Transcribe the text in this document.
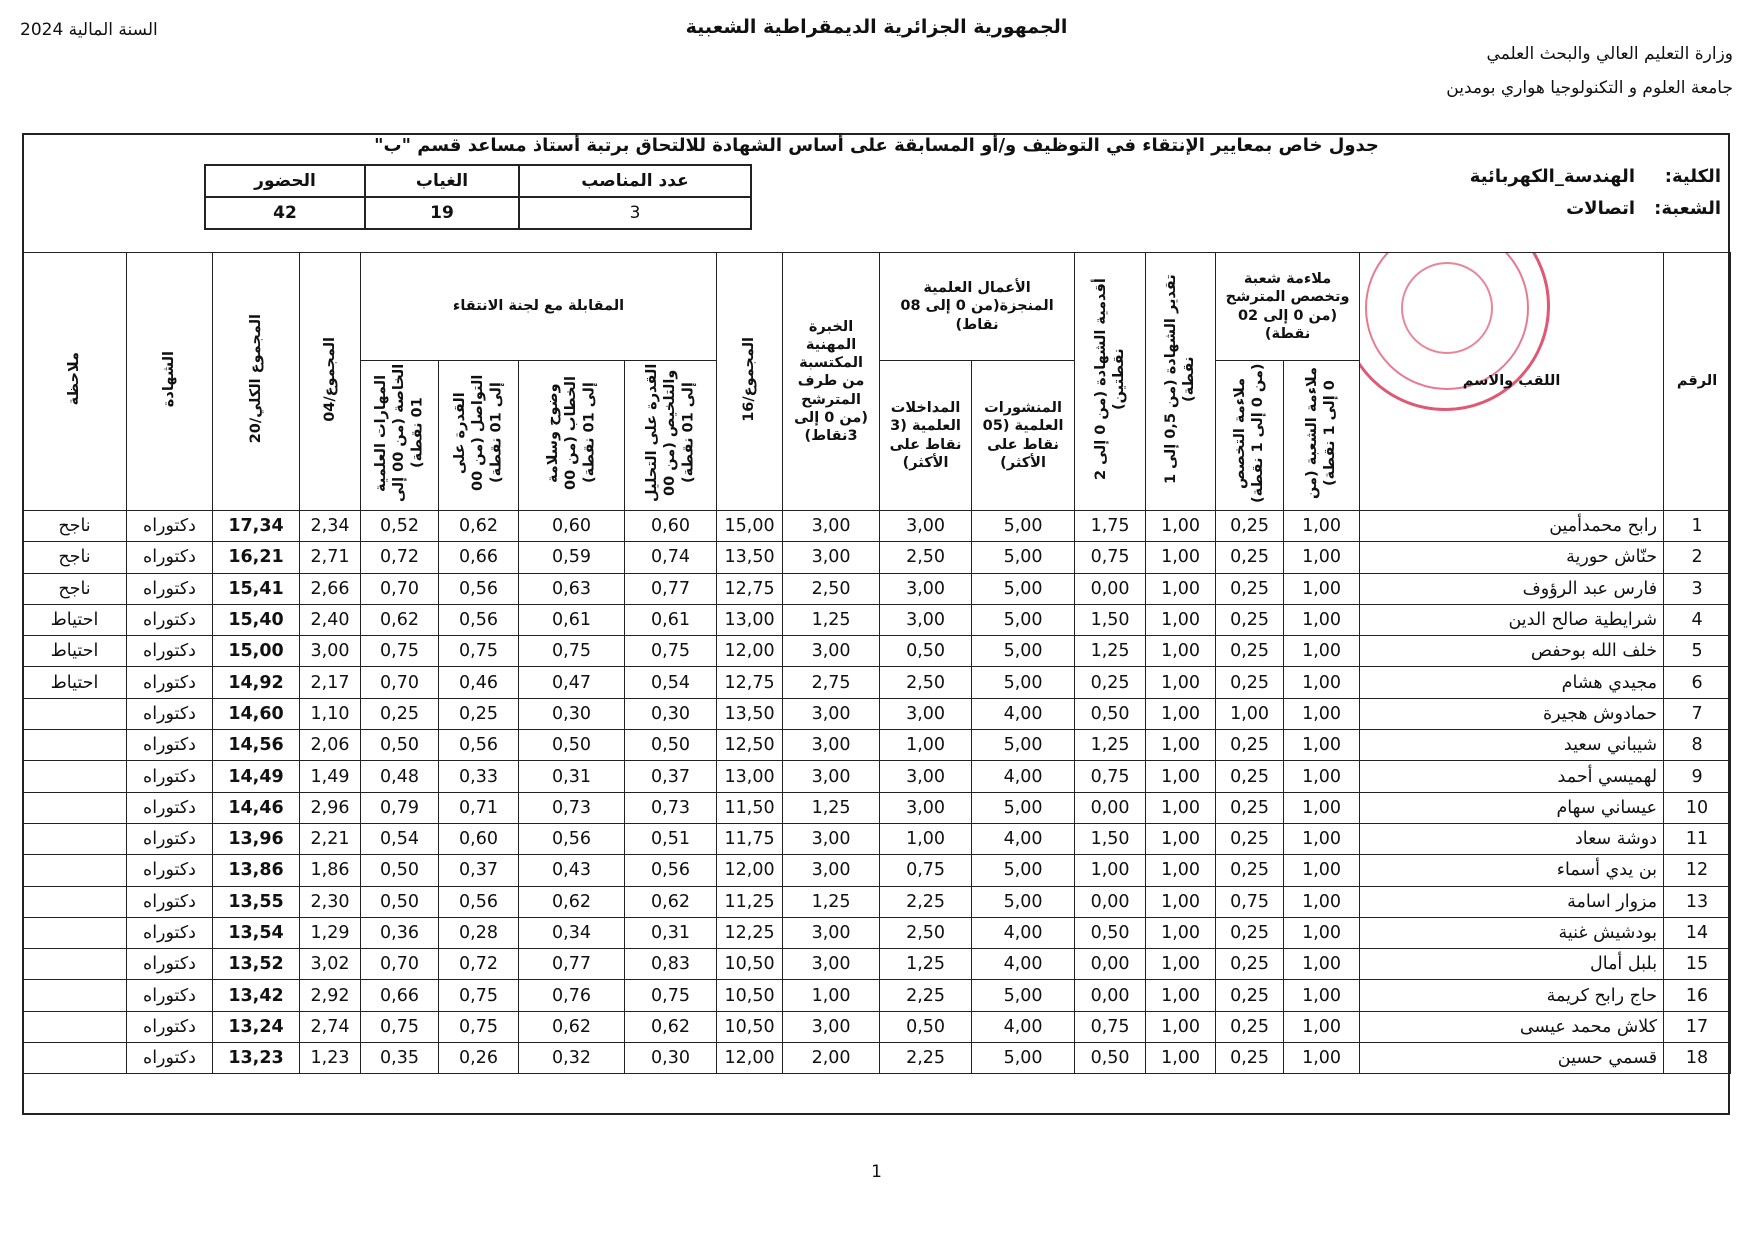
الجمهورية الجزائرية الديمقراطية الشعبية
السنة المالية 2024
وزارة التعليم العالي والبحث العلمي
جامعة العلوم و التكنولوجيا هواري بومدين
جدول خاص بمعايير الإنتقاء في التوظيف و/أو المسابقة على أساس الشهادة للالتحاق برتبة أستاذ مساعد قسم "ب"
الحضور	الغياب	عدد المناصب
42	19	3
الكلية:
الهندسة_الكهربائية
الشعبة:
اتصالات
ملاحظة	الشهادة	المجموع الكلي/20	المجموع/04	المقابلة مع لجنة الانتقاء				المجموع/16	الخبرة المهنية المكتسبة من طرف المترشح (من 0 إلى 3نقاط)	الأعمال العلمية المنجزة(من 0 إلى 08 نقاط)		أقدمية الشهادة (من 0 إلى 2 نقطتين)	تقدير الشهادة (من 0,5 إلى 1 نقطة)	ملاءمة شعبة وتخصص المترشح (من 0 إلى 02 نقطة)		اللقب والاسم	الرقم
				المهارات العلمية الخاصة (من 00 إلى 01 نقطة)	القدرة على التواصل (من 00 إلى 01 نقطة)	وضوح وسلامة الخطاب (من 00 إلى 01 نقطة)	القدرة على التحليل والتلخيص (من 00 إلى 01 نقطة)			المداخلات العلمية (3 نقاط على الأكثر)	المنشورات العلمية (05 نقاط على الأكثر)			ملاءمة التخصص (من 0 إلى 1 نقطة)	ملاءمة الشعبة (من 0 إلى 1 نقطة)		
ناجح	دكتوراه	17,34	2,34	0,52	0,62	0,60	0,60	15,00	3,00	3,00	5,00	1,75	1,00	0,25	1,00	رابح محمدأمين	1
ناجح	دكتوراه	16,21	2,71	0,72	0,66	0,59	0,74	13,50	3,00	2,50	5,00	0,75	1,00	0,25	1,00	حنّاش حورية	2
ناجح	دكتوراه	15,41	2,66	0,70	0,56	0,63	0,77	12,75	2,50	3,00	5,00	0,00	1,00	0,25	1,00	فارس عبد الرؤوف	3
احتياط	دكتوراه	15,40	2,40	0,62	0,56	0,61	0,61	13,00	1,25	3,00	5,00	1,50	1,00	0,25	1,00	شرايطية صالح الدين	4
احتياط	دكتوراه	15,00	3,00	0,75	0,75	0,75	0,75	12,00	3,00	0,50	5,00	1,25	1,00	0,25	1,00	خلف الله بوحفص	5
احتياط	دكتوراه	14,92	2,17	0,70	0,46	0,47	0,54	12,75	2,75	2,50	5,00	0,25	1,00	0,25	1,00	مجيدي هشام	6
	دكتوراه	14,60	1,10	0,25	0,25	0,30	0,30	13,50	3,00	3,00	4,00	0,50	1,00	1,00	1,00	حمادوش هجيرة	7
	دكتوراه	14,56	2,06	0,50	0,56	0,50	0,50	12,50	3,00	1,00	5,00	1,25	1,00	0,25	1,00	شيباني سعيد	8
	دكتوراه	14,49	1,49	0,48	0,33	0,31	0,37	13,00	3,00	3,00	4,00	0,75	1,00	0,25	1,00	لهميسي أحمد	9
	دكتوراه	14,46	2,96	0,79	0,71	0,73	0,73	11,50	1,25	3,00	5,00	0,00	1,00	0,25	1,00	عيساني سهام	10
	دكتوراه	13,96	2,21	0,54	0,60	0,56	0,51	11,75	3,00	1,00	4,00	1,50	1,00	0,25	1,00	دوشة سعاد	11
	دكتوراه	13,86	1,86	0,50	0,37	0,43	0,56	12,00	3,00	0,75	5,00	1,00	1,00	0,25	1,00	بن يدي أسماء	12
	دكتوراه	13,55	2,30	0,50	0,56	0,62	0,62	11,25	1,25	2,25	5,00	0,00	1,00	0,75	1,00	مزوار اسامة	13
	دكتوراه	13,54	1,29	0,36	0,28	0,34	0,31	12,25	3,00	2,50	4,00	0,50	1,00	0,25	1,00	بودشيش غنية	14
	دكتوراه	13,52	3,02	0,70	0,72	0,77	0,83	10,50	3,00	1,25	4,00	0,00	1,00	0,25	1,00	بلبل أمال	15
	دكتوراه	13,42	2,92	0,66	0,75	0,76	0,75	10,50	1,00	2,25	5,00	0,00	1,00	0,25	1,00	حاج رابح كريمة	16
	دكتوراه	13,24	2,74	0,75	0,75	0,62	0,62	10,50	3,00	0,50	4,00	0,75	1,00	0,25	1,00	كلاش محمد عيسى	17
	دكتوراه	13,23	1,23	0,35	0,26	0,32	0,30	12,00	2,00	2,25	5,00	0,50	1,00	0,25	1,00	قسمي حسين	18
1
